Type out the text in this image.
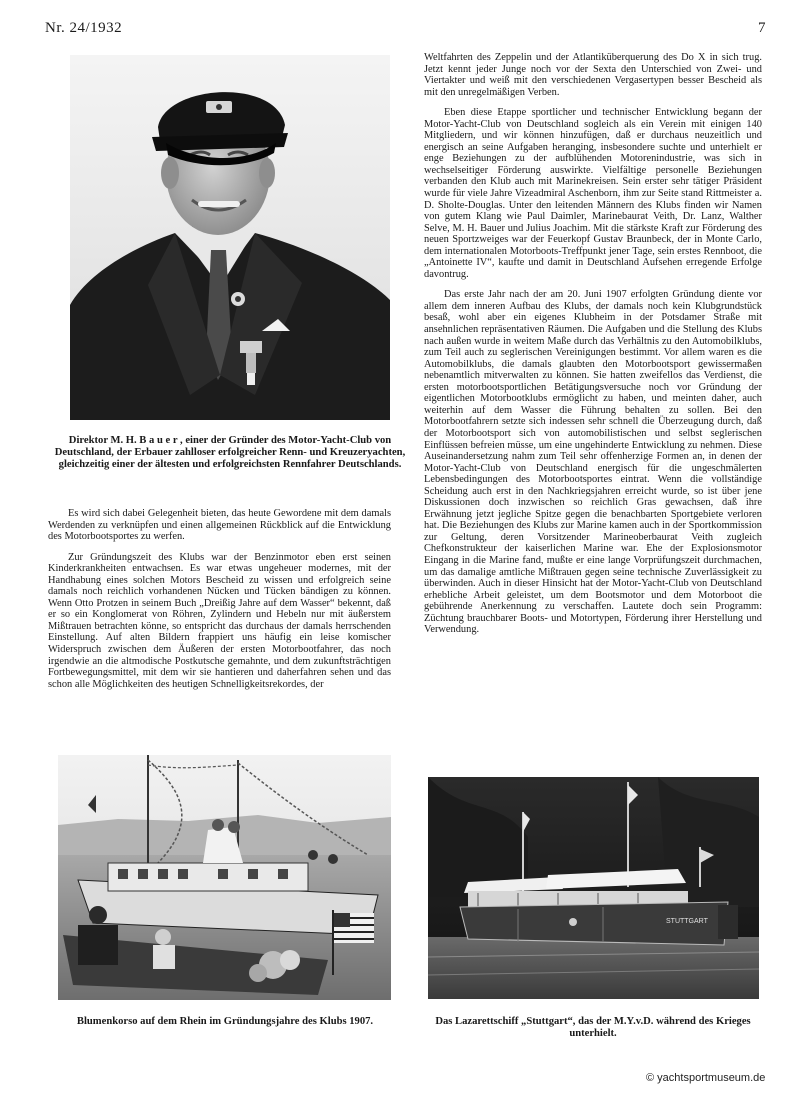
Nr. 24/1932	7
Direktor M. H. B a u e r , einer der Gründer des Motor-Yacht-Club von Deutschland, der Erbauer zahlloser erfolgreicher Renn- und Kreuzeryachten, gleichzeitig einer der ältesten und erfolgreichsten Rennfahrer Deutschlands.

Es wird sich dabei Gelegenheit bieten, das heute Gewordene mit dem damals Werdenden zu verknüpfen und einen allgemeinen Rückblick auf die Entwicklung des Motorbootsportes zu werfen.

Zur Gründungszeit des Klubs war der Benzinmotor eben erst seinen Kinderkrankheiten entwachsen. Es war etwas ungeheuer modernes, mit der Handhabung eines solchen Motors Bescheid zu wissen und erfolgreich seine damals noch reichlich vorhandenen Nücken und Tücken bändigen zu können. Wenn Otto Protzen in seinem Buch „Dreißig Jahre auf dem Wasser“ bekennt, daß er so ein Konglomerat von Röhren, Zylindern und Hebeln nur mit äußerstem Mißtrauen betrachten könne, so entspricht das durchaus der damals herrschenden Einstellung. Auf alten Bildern frappiert uns häufig ein leise komischer Widerspruch zwischen dem Äußeren der ersten Motorbootfahrer, das noch irgendwie an die altmodische Postkutsche gemahnte, und dem zukunftsträchtigen Fortbewegungsmittel, mit dem wir sie hantieren und daherfahren sehen und das schon alle Möglichkeiten des heutigen Schnelligkeitsrekordes, der

Weltfahrten des Zeppelin und der Atlantiküberquerung des Do X in sich trug. Jetzt kennt jeder Junge noch vor der Sexta den Unterschied von Zwei- und Viertakter und weiß mit den verschiedenen Vergasertypen besser Bescheid als mit den unregelmäßigen Verben.

Eben diese Etappe sportlicher und technischer Entwicklung begann der Motor-Yacht-Club von Deutschland sogleich als ein Verein mit einigen 140 Mitgliedern, und wir können hinzufügen, daß er durchaus neuzeitlich und energisch an seine Aufgaben heranging, insbesondere suchte und unterhielt er enge Beziehungen zu der aufblühenden Motorenindustrie, was sich in wechselseitiger Förderung auswirkte. Vielfältige personelle Beziehungen verbanden den Klub auch mit Marinekreisen. Sein erster sehr tätiger Präsident wurde für viele Jahre Vizeadmiral Aschenborn, ihm zur Seite stand Rittmeister a. D. Sholte-Douglas. Unter den leitenden Männern des Klubs finden wir Namen von gutem Klang wie Paul Daimler, Marinebaurat Veith, Dr. Lanz, Walther Selve, M. H. Bauer und Julius Joachim. Mit die stärkste Kraft zur Förderung des neuen Sportzweiges war der Feuerkopf Gustav Braunbeck, der in Monte Carlo, dem internationalen Motorboots-Treffpunkt jener Tage, sein erstes Rennboot, die „Antoinette IV“, kaufte und damit in Deutschland Aufsehen erregende Erfolge davontrug.

Das erste Jahr nach der am 20. Juni 1907 erfolgten Gründung diente vor allem dem inneren Aufbau des Klubs, der damals noch kein Klubgrundstück besaß, wohl aber ein eigenes Klubheim in der Potsdamer Straße mit ansehnlichen repräsentativen Räumen. Die Aufgaben und die Stellung des Klubs nach außen wurde in weitem Maße durch das Verhältnis zu den Automobilklubs, zum Teil auch zu seglerischen Vereinigungen bestimmt. Vor allem waren es die Automobilklubs, die damals glaubten den Motorbootsport gewissermaßen nebenamtlich mitverwalten zu können. Sie hatten zweifellos das Verdienst, die ersten motorbootsportlichen Betätigungsversuche noch vor Gründung der eigentlichen Motorbootklubs ermöglicht zu haben, und meinten daher, auch weiterhin auf dem Wasser die Führung behalten zu sollen. Bei den Motorbootfahrern setzte sich indessen sehr schnell die Überzeugung durch, daß der Motorbootsport sich von automobilistischen und selbst seglerischen Einflüssen befreien müsse, um eine ungehinderte Entwicklung zu nehmen. Diese Auseinandersetzung nahm zum Teil sehr offenherzige Formen an, in denen der Motor-Yacht-Club von Deutschland energisch für die ungeschmälerten Lebensbedingungen des Motorbootsportes eintrat. Wenn die vollständige Scheidung auch erst in den Nachkriegsjahren erreicht wurde, so ist über jene Diskussionen doch inzwischen so reichlich Gras gewachsen, daß ihre Erwähnung jetzt jegliche Spitze gegen die benachbarten Sportgebiete verloren hat. Die Beziehungen des Klubs zur Marine kamen auch in der Sportkommission zur Geltung, deren Vorsitzender Marineoberbaurat Veith zugleich Chefkonstrukteur der kaiserlichen Marine war. Ehe der Explosionsmotor Eingang in die Marine fand, mußte er eine lange Vorprüfungszeit durchmachen, um das damalige amtliche Mißtrauen gegen seine technische Zuverlässigkeit zu überwinden. Auch in dieser Hinsicht hat der Motor-Yacht-Club von Deutschland erhebliche Arbeit geleistet, um dem Bootsmotor und dem Motorboot die gebührende Anerkennung zu verschaffen. Lautete doch sein Programm: Züchtung brauchbarer Boots- und Motortypen, Förderung ihrer Herstellung und Verwendung.

Blumenkorso auf dem Rhein im Gründungsjahre des Klubs 1907.
STUTTGART
Das Lazarettschiff „Stuttgart“, das der M.Y.v.D. während des Krieges unterhielt.
© yachtsportmuseum.de
